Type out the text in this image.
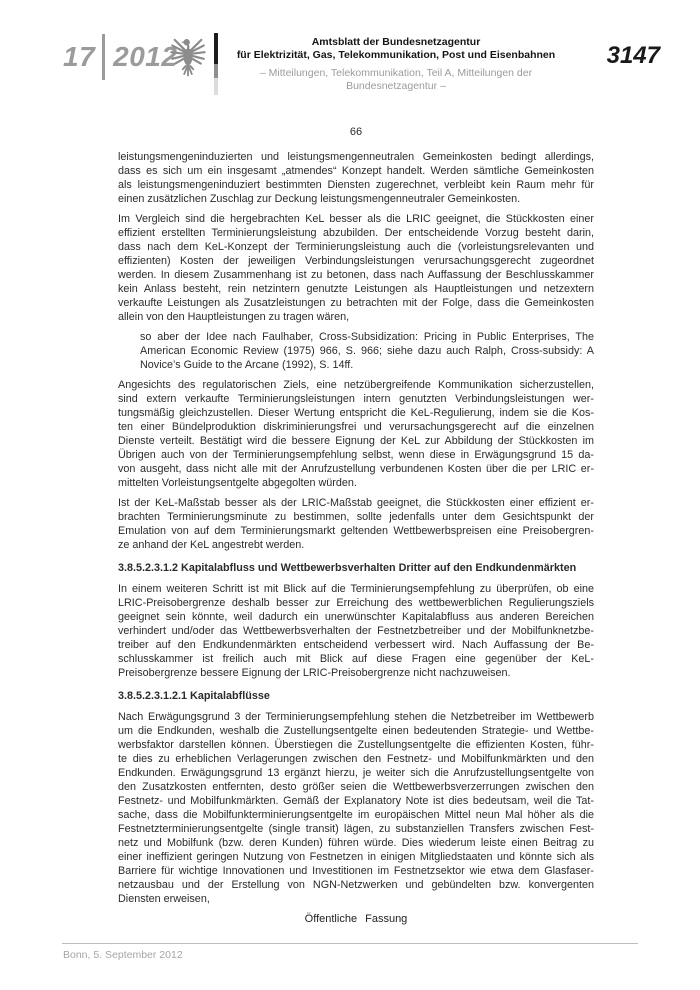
17 2012	Amtsblatt der Bundesnetzagentur
für Elektrizität, Gas, Telekommunikation, Post und Eisenbahnen
– Mitteilungen, Telekommunikation, Teil A, Mitteilungen der Bundesnetzagentur –
3147
66
leistungsmengeninduzierten und leistungsmengenneutralen Gemeinkosten bedingt allerdings,
dass es sich um ein insgesamt „atmendes“ Konzept handelt. Werden sämtliche Gemeinkosten
als leistungsmengeninduziert bestimmten Diensten zugerechnet, verbleibt kein Raum mehr für
einen zusätzlichen Zuschlag zur Deckung leistungsmengenneutraler Gemeinkosten.
Im Vergleich sind die hergebrachten KeL besser als die LRIC geeignet, die Stückkosten einer
effizient erstellten Terminierungsleistung abzubilden. Der entscheidende Vorzug besteht darin,
dass nach dem KeL-Konzept der Terminierungsleistung auch die (vorleistungsrelevanten und
effizienten) Kosten der jeweiligen Verbindungsleistungen verursachungsgerecht zugeordnet
werden. In diesem Zusammenhang ist zu betonen, dass nach Auffassung der Beschlusskammer
kein Anlass besteht, rein netzintern genutzte Leistungen als Hauptleistungen und netzextern
verkaufte Leistungen als Zusatzleistungen zu betrachten mit der Folge, dass die Gemeinkosten
allein von den Hauptleistungen zu tragen wären,
so aber der Idee nach Faulhaber, Cross-Subsidization: Pricing in Public Enterprises, The
American Economic Review (1975) 966, S. 966; siehe dazu auch Ralph, Cross-subsidy: A
Novice’s Guide to the Arcane (1992), S. 14ff.
Angesichts des regulatorischen Ziels, eine netzübergreifende Kommunikation sicherzustellen,
sind extern verkaufte Terminierungsleistungen intern genutzten Verbindungsleistungen wer-
tungsmäßig gleichzustellen. Dieser Wertung entspricht die KeL-Regulierung, indem sie die Kos-
ten einer Bündelproduktion diskriminierungsfrei und verursachungsgerecht auf die einzelnen
Dienste verteilt. Bestätigt wird die bessere Eignung der KeL zur Abbildung der Stückkosten im
Übrigen auch von der Terminierungsempfehlung selbst, wenn diese in Erwägungsgrund 15 da-
von ausgeht, dass nicht alle mit der Anrufzustellung verbundenen Kosten über die per LRIC er-
mittelten Vorleistungsentgelte abgegolten würden.
Ist der KeL-Maßstab besser als der LRIC-Maßstab geeignet, die Stückkosten einer effizient er-
brachten Terminierungsminute zu bestimmen, sollte jedenfalls unter dem Gesichtspunkt der
Emulation von auf dem Terminierungsmarkt geltenden Wettbewerbspreisen eine Preisobergren-
ze anhand der KeL angestrebt werden.
3.8.5.2.3.1.2 Kapitalabfluss und Wettbewerbsverhalten Dritter auf den Endkundenmärkten
In einem weiteren Schritt ist mit Blick auf die Terminierungsempfehlung zu überprüfen, ob eine
LRIC-Preisobergrenze deshalb besser zur Erreichung des wettbewerblichen Regulierungsziels
geeignet sein könnte, weil dadurch ein unerwünschter Kapitalabfluss aus anderen Bereichen
verhindert und/oder das Wettbewerbsverhalten der Festnetzbetreiber und der Mobilfunknetzbe-
treiber auf den Endkundenmärkten entscheidend verbessert wird. Nach Auffassung der Be-
schlusskammer ist freilich auch mit Blick auf diese Fragen eine gegenüber der KeL-
Preisobergrenze bessere Eignung der LRIC-Preisobergrenze nicht nachzuweisen.
3.8.5.2.3.1.2.1 Kapitalabflüsse
Nach Erwägungsgrund 3 der Terminierungsempfehlung stehen die Netzbetreiber im Wettbewerb
um die Endkunden, weshalb die Zustellungsentgelte einen bedeutenden Strategie- und Wettbe-
werbsfaktor darstellen können. Überstiegen die Zustellungsentgelte die effizienten Kosten, führ-
te dies zu erheblichen Verlagerungen zwischen den Festnetz- und Mobilfunkmärkten und den
Endkunden. Erwägungsgrund 13 ergänzt hierzu, je weiter sich die Anrufzustellungsentgelte von
den Zusatzkosten entfernten, desto größer seien die Wettbewerbsverzerrungen zwischen den
Festnetz- und Mobilfunkmärkten. Gemäß der Explanatory Note ist dies bedeutsam, weil die Tat-
sache, dass die Mobilfunkterminierungsentgelte im europäischen Mittel neun Mal höher als die
Festnetzterminierungsentgelte (single transit) lägen, zu substanziellen Transfers zwischen Fest-
netz und Mobilfunk (bzw. deren Kunden) führen würde. Dies wiederum leiste einen Beitrag zu
einer ineffizient geringen Nutzung von Festnetzen in einigen Mitgliedstaaten und könnte sich als
Barriere für wichtige Innovationen und Investitionen im Festnetzsektor wie etwa dem Glasfaser-
netzausbau und der Erstellung von NGN-Netzwerken und gebündelten bzw. konvergenten
Diensten erweisen,
Öffentliche Fassung
Bonn, 5. September 2012
